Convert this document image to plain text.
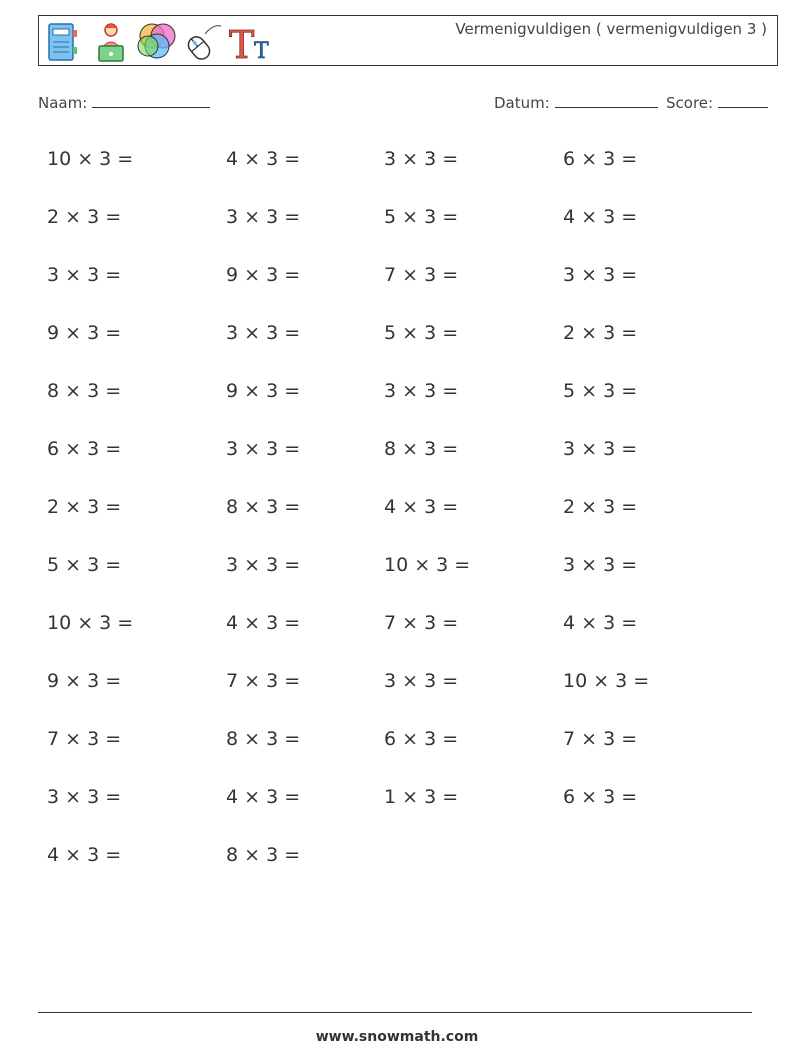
T T
Vermenigvuldigen ( vermenigvuldigen 3 )
Naam:	Datum:	Score:
10 × 3 =	4 × 3 =	3 × 3 =	6 × 3 =
2 × 3 =	3 × 3 =	5 × 3 =	4 × 3 =
3 × 3 =	9 × 3 =	7 × 3 =	3 × 3 =
9 × 3 =	3 × 3 =	5 × 3 =	2 × 3 =
8 × 3 =	9 × 3 =	3 × 3 =	5 × 3 =
6 × 3 =	3 × 3 =	8 × 3 =	3 × 3 =
2 × 3 =	8 × 3 =	4 × 3 =	2 × 3 =
5 × 3 =	3 × 3 =	10 × 3 =	3 × 3 =
10 × 3 =	4 × 3 =	7 × 3 =	4 × 3 =
9 × 3 =	7 × 3 =	3 × 3 =	10 × 3 =
7 × 3 =	8 × 3 =	6 × 3 =	7 × 3 =
3 × 3 =	4 × 3 =	1 × 3 =	6 × 3 =
4 × 3 =	8 × 3 =
www.snowmath.com
